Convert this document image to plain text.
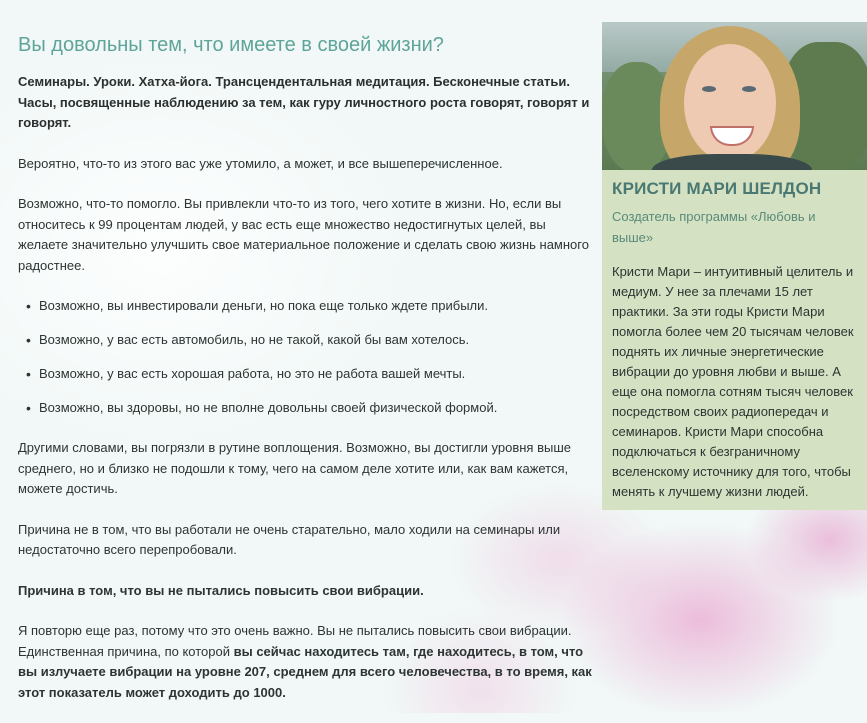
Вы довольны тем, что имеете в своей жизни?

Семинары. Уроки. Хатха-йога. Трансцендентальная медитация. Бесконечные статьи. Часы, посвященные наблюдению за тем, как гуру личностного роста говорят, говорят и говорят.

Вероятно, что-то из этого вас уже утомило, а может, и все вышеперечисленное.

Возможно, что-то помогло. Вы привлекли что-то из того, чего хотите в жизни. Но, если вы относитесь к 99 процентам людей, у вас есть еще множество недостигнутых целей, вы желаете значительно улучшить свое материальное положение и сделать свою жизнь намного радостнее.

• Возможно, вы инвестировали деньги, но пока еще только ждете прибыли.
• Возможно, у вас есть автомобиль, но не такой, какой бы вам хотелось.
• Возможно, у вас есть хорошая работа, но это не работа вашей мечты.
• Возможно, вы здоровы, но не вполне довольны своей физической формой.

Другими словами, вы погрязли в рутине воплощения. Возможно, вы достигли уровня выше среднего, но и близко не подошли к тому, чего на самом деле хотите или, как вам кажется, можете достичь.

Причина не в том, что вы работали не очень старательно, мало ходили на семинары или недостаточно всего перепробовали.

Причина в том, что вы не пытались повысить свои вибрации.

Я повторю еще раз, потому что это очень важно. Вы не пытались повысить свои вибрации. Единственная причина, по которой вы сейчас находитесь там, где находитесь, в том, что вы излучаете вибрации на уровне 207, среднем для всего человечества, в то время, как этот показатель может доходить до 1000.

КРИСТИ МАРИ ШЕЛДОН
Создатель программы «Любовь и выше»
Кристи Мари – интуитивный целитель и медиум. У нее за плечами 15 лет практики. За эти годы Кристи Мари помогла более чем 20 тысячам человек поднять их личные энергетические вибрации до уровня любви и выше. А еще она помогла сотням тысяч человек посредством своих радиопередач и семинаров. Кристи Мари способна подключаться к безграничному вселенскому источнику для того, чтобы менять к лучшему жизни людей.
